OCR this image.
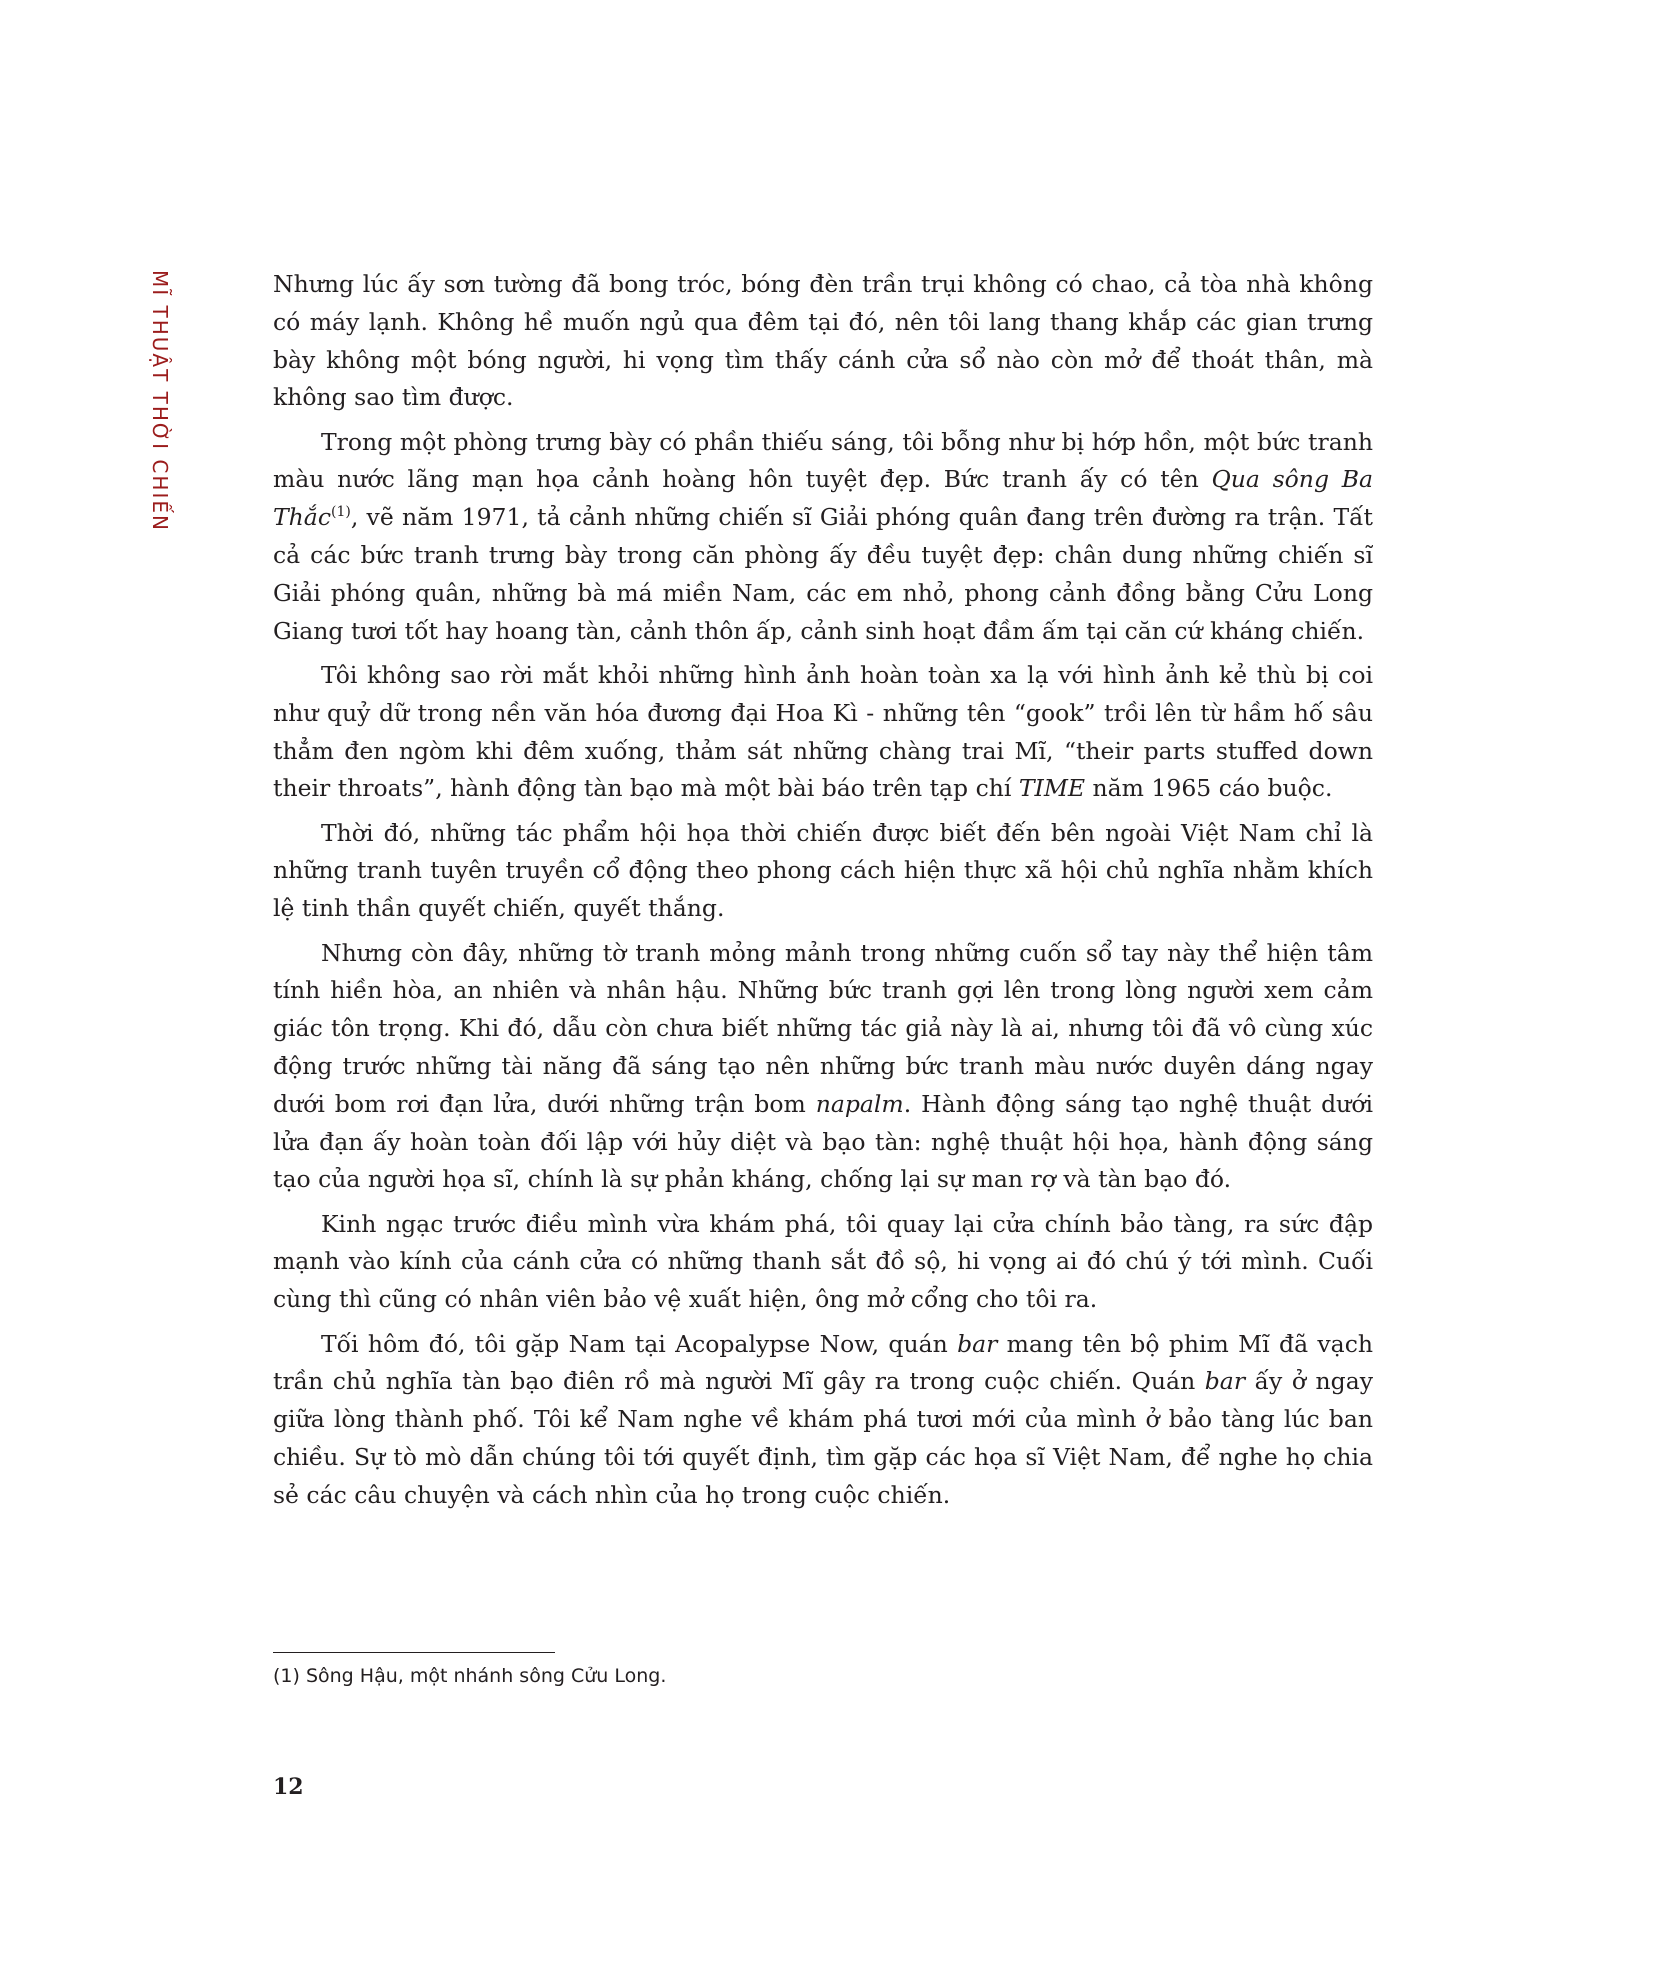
MĨ THUẬT THỜI CHIẾN	Nhưng lúc ấy sơn tường đã bong tróc, bóng đèn trần trụi không có chao, cả tòa nhà không có máy lạnh. Không hề muốn ngủ qua đêm tại đó, nên tôi lang thang khắp các gian trưng bày không một bóng người, hi vọng tìm thấy cánh cửa sổ nào còn mở để thoát thân, mà không sao tìm được.

Trong một phòng trưng bày có phần thiếu sáng, tôi bỗng như bị hớp hồn, một bức tranh màu nước lãng mạn họa cảnh hoàng hôn tuyệt đẹp. Bức tranh ấy có tên Qua sông Ba Thắc$^{(1)}$, vẽ năm 1971, tả cảnh những chiến sĩ Giải phóng quân đang trên đường ra trận. Tất cả các bức tranh trưng bày trong căn phòng ấy đều tuyệt đẹp: chân dung những chiến sĩ Giải phóng quân, những bà má miền Nam, các em nhỏ, phong cảnh đồng bằng Cửu Long Giang tươi tốt hay hoang tàn, cảnh thôn ấp, cảnh sinh hoạt đầm ấm tại căn cứ kháng chiến.

Tôi không sao rời mắt khỏi những hình ảnh hoàn toàn xa lạ với hình ảnh kẻ thù bị coi như quỷ dữ trong nền văn hóa đương đại Hoa Kì - những tên “gook” trồi lên từ hầm hố sâu thẳm đen ngòm khi đêm xuống, thảm sát những chàng trai Mĩ, “their parts stuffed down their throats”, hành động tàn bạo mà một bài báo trên tạp chí TIME năm 1965 cáo buộc.

Thời đó, những tác phẩm hội họa thời chiến được biết đến bên ngoài Việt Nam chỉ là những tranh tuyên truyền cổ động theo phong cách hiện thực xã hội chủ nghĩa nhằm khích lệ tinh thần quyết chiến, quyết thắng.

Nhưng còn đây, những tờ tranh mỏng mảnh trong những cuốn sổ tay này thể hiện tâm tính hiền hòa, an nhiên và nhân hậu. Những bức tranh gợi lên trong lòng người xem cảm giác tôn trọng. Khi đó, dẫu còn chưa biết những tác giả này là ai, nhưng tôi đã vô cùng xúc động trước những tài năng đã sáng tạo nên những bức tranh màu nước duyên dáng ngay dưới bom rơi đạn lửa, dưới những trận bom napalm. Hành động sáng tạo nghệ thuật dưới lửa đạn ấy hoàn toàn đối lập với hủy diệt và bạo tàn: nghệ thuật hội họa, hành động sáng tạo của người họa sĩ, chính là sự phản kháng, chống lại sự man rợ và tàn bạo đó.

Kinh ngạc trước điều mình vừa khám phá, tôi quay lại cửa chính bảo tàng, ra sức đập mạnh vào kính của cánh cửa có những thanh sắt đồ sộ, hi vọng ai đó chú ý tới mình. Cuối cùng thì cũng có nhân viên bảo vệ xuất hiện, ông mở cổng cho tôi ra.

Tối hôm đó, tôi gặp Nam tại Acopalypse Now, quán bar mang tên bộ phim Mĩ đã vạch trần chủ nghĩa tàn bạo điên rồ mà người Mĩ gây ra trong cuộc chiến. Quán bar ấy ở ngay giữa lòng thành phố. Tôi kể Nam nghe về khám phá tươi mới của mình ở bảo tàng lúc ban chiều. Sự tò mò dẫn chúng tôi tới quyết định, tìm gặp các họa sĩ Việt Nam, để nghe họ chia sẻ các câu chuyện và cách nhìn của họ trong cuộc chiến.

(1) Sông Hậu, một nhánh sông Cửu Long.
12
